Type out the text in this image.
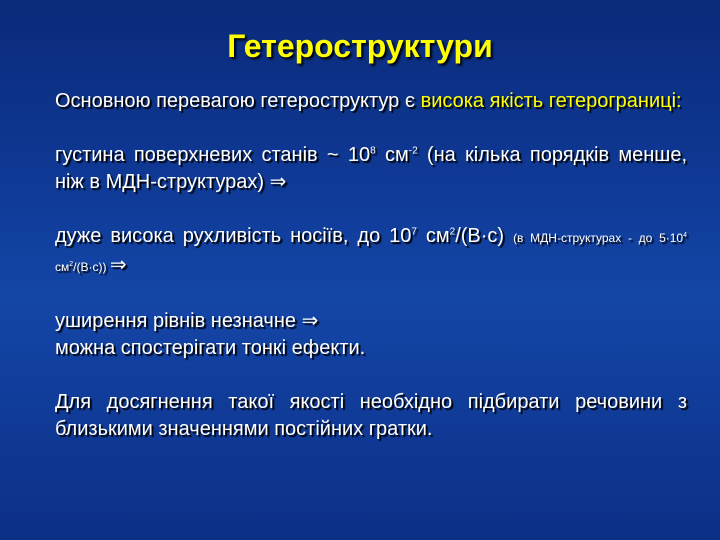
Гетероструктури
Основною перевагою гетероструктур є висока якість гетерограниці:
густина поверхневих станів ~ $10^8$ $см^{-2}$ (на кілька порядків менше, ніж в МДН-структурах) ⇒
дуже висока рухливість носіїв, до $10^7$ $см^2/(В\cdot с)$ (в МДН-структурах - до $5\cdot 10^4$ $см^2/(В\cdot с)$) ⇒
уширення рівнів незначне ⇒
можна спостерігати тонкі ефекти.
Для досягнення такої якості необхідно підбирати речовини з близькими значеннями постійних гратки.
